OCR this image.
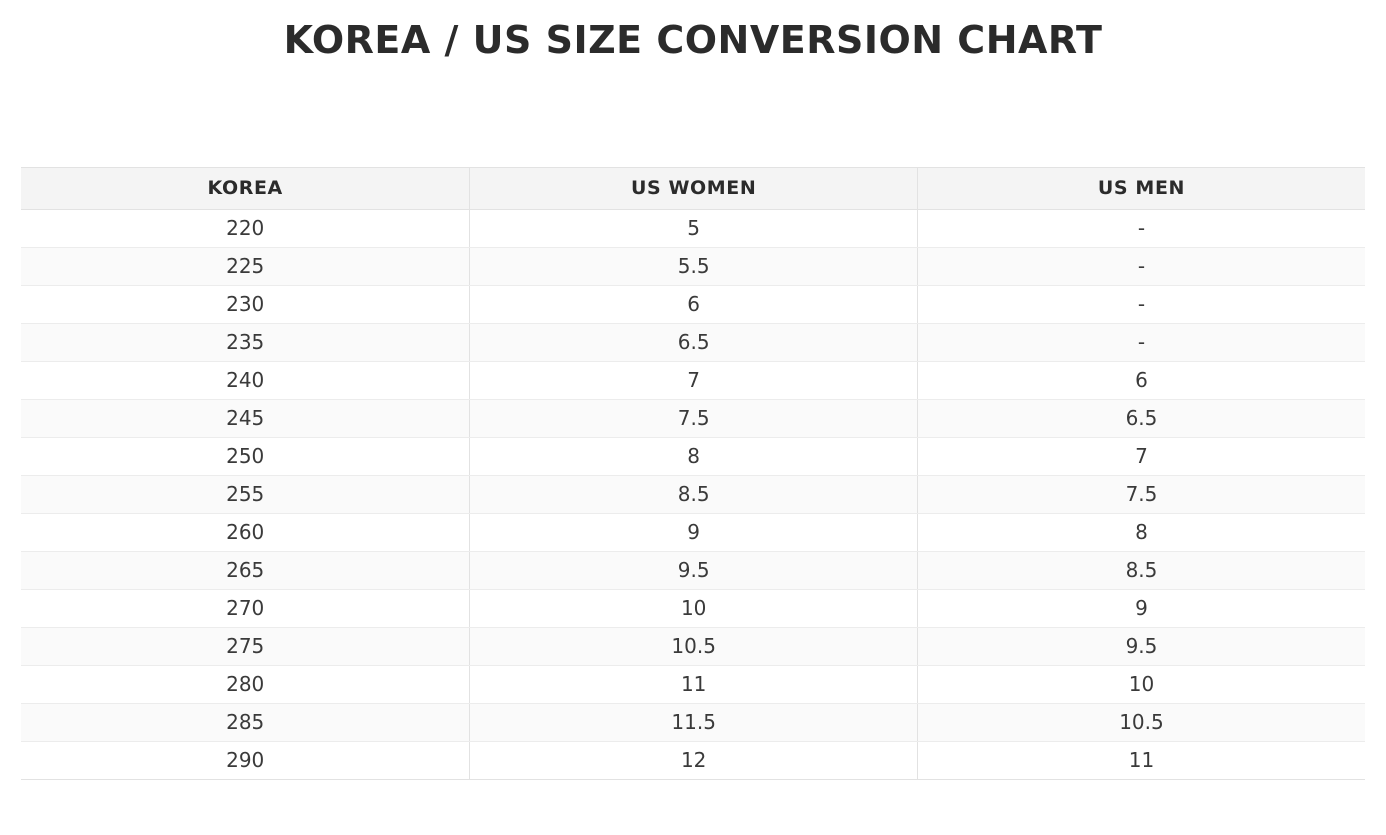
KOREA / US SIZE CONVERSION CHART
KOREA	US WOMEN	US MEN
220	5	-
225	5.5	-
230	6	-
235	6.5	-
240	7	6
245	7.5	6.5
250	8	7
255	8.5	7.5
260	9	8
265	9.5	8.5
270	10	9
275	10.5	9.5
280	11	10
285	11.5	10.5
290	12	11
